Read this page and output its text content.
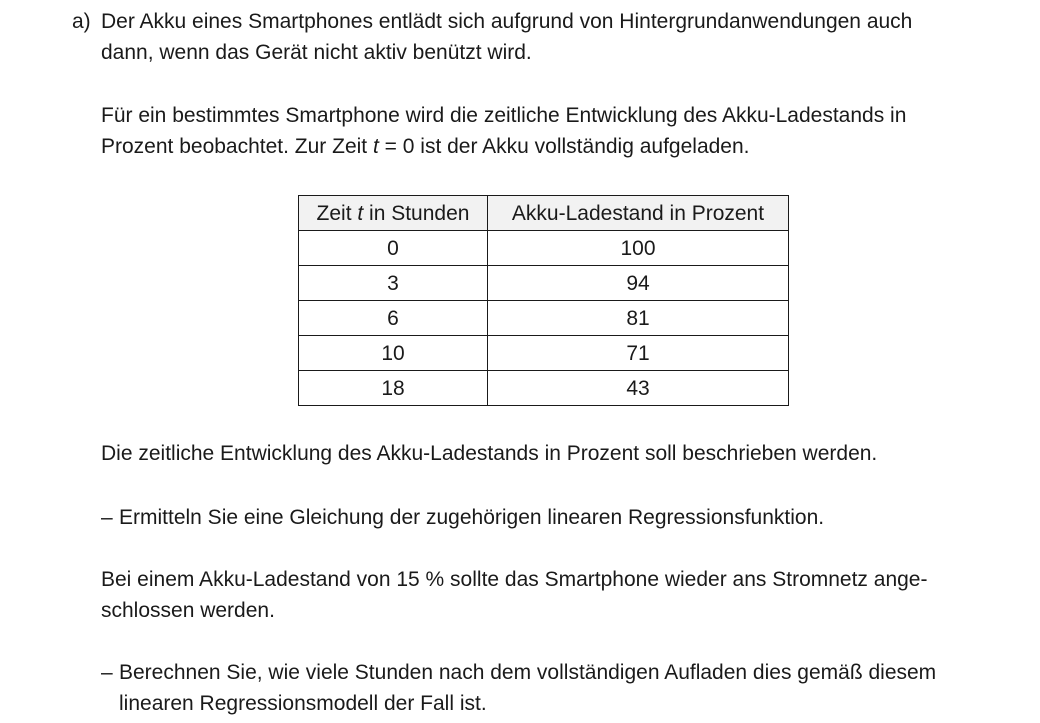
a) Der Akku eines Smartphones entlädt sich aufgrund von Hintergrundanwendungen auch

dann, wenn das Gerät nicht aktiv benützt wird.

Für ein bestimmtes Smartphone wird die zeitliche Entwicklung des Akku-Ladestands in

Prozent beobachtet. Zur Zeit t = 0 ist der Akku vollständig aufgeladen.

Zeit t in Stunden	Akku-Ladestand in Prozent
0	100
3	94
6	81
10	71
18	43

Die zeitliche Entwicklung des Akku-Ladestands in Prozent soll beschrieben werden.

– Ermitteln Sie eine Gleichung der zugehörigen linearen Regressionsfunktion.

Bei einem Akku-Ladestand von 15 % sollte das Smartphone wieder ans Stromnetz ange-

schlossen werden.

– Berechnen Sie, wie viele Stunden nach dem vollständigen Aufladen dies gemäß diesem
linearen Regressionsmodell der Fall ist.
